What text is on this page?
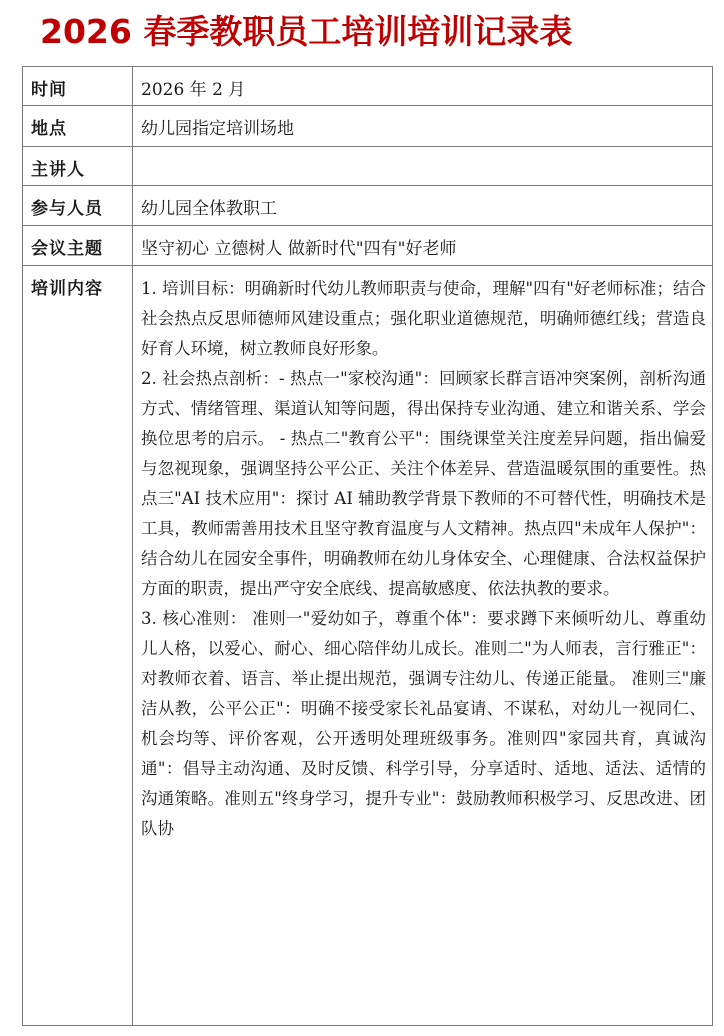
2026 春季教职员工培训培训记录表
时间	2026 年 2 月
地点	幼儿园指定培训场地
主讲人	
参与人员	幼儿园全体教职工
会议主题	坚守初心 立德树人 做新时代"四有"好老师
培训内容	1. 培训目标：明确新时代幼儿教师职责与使命，理解"四有"好老师标准；结合社会热点反思师德师风建设重点；强化职业道德规范，明确师德红线；营造良好育人环境，树立教师良好形象。

2. 社会热点剖析：- 热点一"家校沟通"：回顾家长群言语冲突案例，剖析沟通方式、情绪管理、渠道认知等问题，得出保持专业沟通、建立和谐关系、学会换位思考的启示。 - 热点二"教育公平"：围绕课堂关注度差异问题，指出偏爱与忽视现象，强调坚持公平公正、关注个体差异、营造温暖氛围的重要性。热点三"AI 技术应用"：探讨 AI 辅助教学背景下教师的不可替代性，明确技术是工具，教师需善用技术且坚守教育温度与人文精神。热点四"未成年人保护"：结合幼儿在园安全事件，明确教师在幼儿身体安全、心理健康、合法权益保护方面的职责，提出严守安全底线、提高敏感度、依法执教的要求。

3. 核心准则： 准则一"爱幼如子，尊重个体"：要求蹲下来倾听幼儿、尊重幼儿人格，以爱心、耐心、细心陪伴幼儿成长。准则二"为人师表，言行雅正"：对教师衣着、语言、举止提出规范，强调专注幼儿、传递正能量。 准则三"廉洁从教，公平公正"：明确不接受家长礼品宴请、不谋私，对幼儿一视同仁、机会均等、评价客观，公开透明处理班级事务。准则四"家园共育，真诚沟通"：倡导主动沟通、及时反馈、科学引导，分享适时、适地、适法、适情的沟通策略。准则五"终身学习，提升专业"：鼓励教师积极学习、反思改进、团队协
